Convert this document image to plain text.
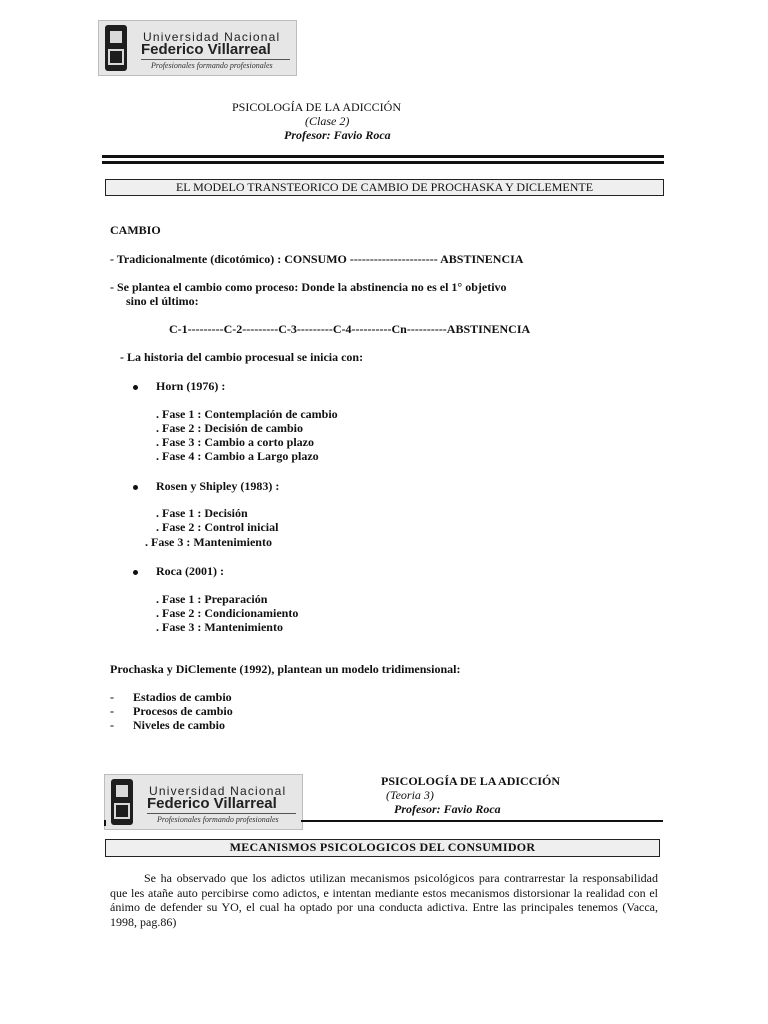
Universidad Nacional
Federico Villarreal
Profesionales formando profesionales
PSICOLOGÍA DE LA ADICCIÓN
(Clase 2)
Profesor: Favio Roca
EL MODELO TRANSTEORICO DE CAMBIO DE PROCHASKA Y DICLEMENTE
CAMBIO
- Tradicionalmente (dicotómico) : CONSUMO ---------------------- ABSTINENCIA
- Se plantea el cambio como proceso: Donde la abstinencia no es el 1° objetivo
sino el último:
C-1---------C-2---------C-3---------C-4----------Cn----------ABSTINENCIA
- La historia del cambio procesual se inicia con:
Horn (1976) :
. Fase 1 : Contemplación de cambio
. Fase 2 : Decisión de cambio
. Fase 3 : Cambio a corto plazo
. Fase 4 : Cambio a Largo plazo
Rosen y Shipley (1983) :
. Fase 1 : Decisión
. Fase 2 : Control inicial
. Fase 3 : Mantenimiento
Roca (2001) :
. Fase 1 : Preparación
. Fase 2 : Condicionamiento
. Fase 3 : Mantenimiento
Prochaska y DiClemente (1992), plantean un modelo tridimensional:
- Estadios de cambio
- Procesos de cambio
- Niveles de cambio
Universidad Nacional
Federico Villarreal
Profesionales formando profesionales
PSICOLOGÍA DE LA ADICCIÓN
(Teoria 3)
Profesor: Favio Roca
MECANISMOS PSICOLOGICOS DEL CONSUMIDOR
Se ha observado que los adictos utilizan mecanismos psicológicos para contrarrestar la responsabilidad que les atañe auto percibirse como adictos, e intentan mediante estos mecanismos distorsionar la realidad con el ánimo de defender su YO, el cual ha optado por una conducta adictiva. Entre las principales tenemos (Vacca, 1998, pag.86)
